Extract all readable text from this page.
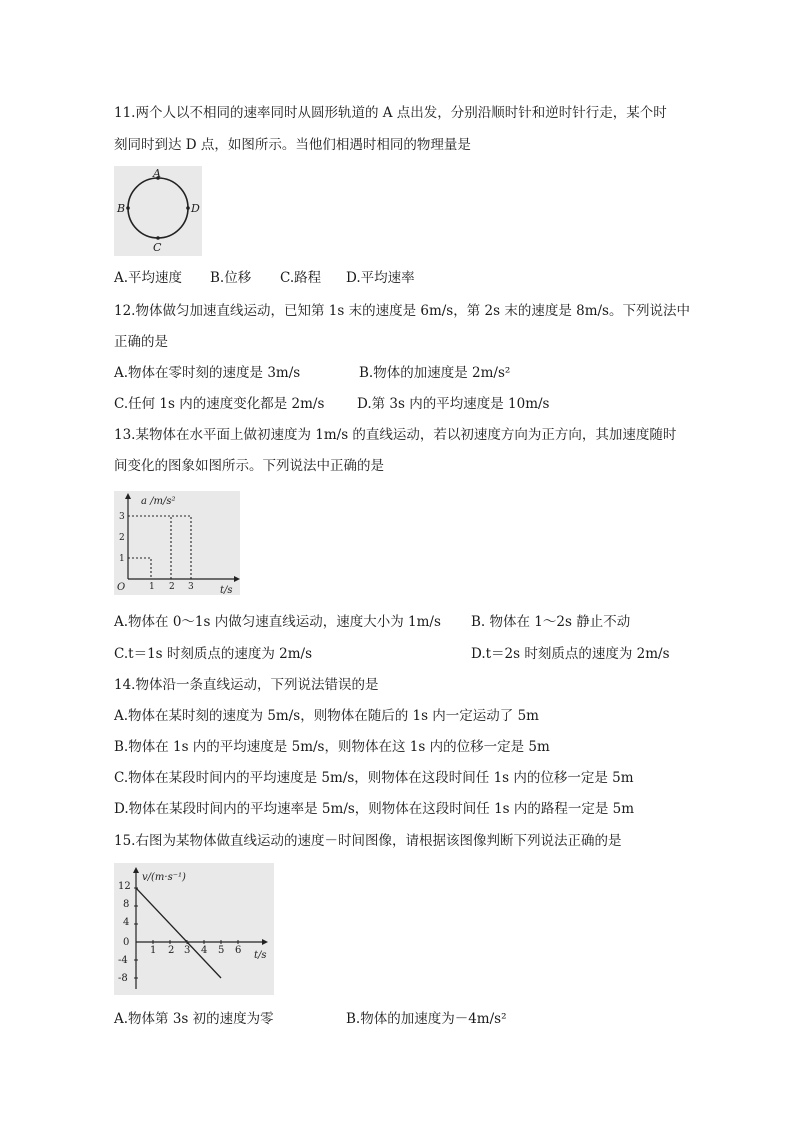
11.两个人以不相同的速率同时从圆形轨道的 A 点出发，分别沿顺时针和逆时针行走，某个时
刻同时到达 D 点，如图所示。当他们相遇时相同的物理量是
A
B	D
C
A.平均速度 B.位移 C.路程 D.平均速率
12.物体做匀加速直线运动，已知第 1s 末的速度是 6m/s，第 2s 末的速度是 8m/s。下列说法中
正确的是
A.物体在零时刻的速度是 3m/s	B.物体的加速度是 2m/s²
C.任何 1s 内的速度变化都是 2m/s D.第 3s 内的平均速度是 10m/s
13.某物体在水平面上做初速度为 1m/s 的直线运动，若以初速度方向为正方向，其加速度随时
间变化的图象如图所示。下列说法中正确的是
a /m/s²
t/s
O
1
2
3
1 2 3
A.物体在 0～1s 内做匀速直线运动，速度大小为 1m/s B. 物体在 1～2s 静止不动
C.t＝1s 时刻质点的速度为 2m/s	D.t＝2s 时刻质点的速度为 2m/s
14.物体沿一条直线运动，下列说法错误的是
A.物体在某时刻的速度为 5m/s，则物体在随后的 1s 内一定运动了 5m
B.物体在 1s 内的平均速度是 5m/s，则物体在这 1s 内的位移一定是 5m
C.物体在某段时间内的平均速度是 5m/s，则物体在这段时间任 1s 内的位移一定是 5m
D.物体在某段时间内的平均速率是 5m/s，则物体在这段时间任 1s 内的路程一定是 5m
15.右图为某物体做直线运动的速度－时间图像，请根据该图像判断下列说法正确的是
v/(m·s⁻¹)
t/s
12
8
4
0
-4
-8
1 2 3 4 5 6
A.物体第 3s 初的速度为零	B.物体的加速度为－4m/s²
